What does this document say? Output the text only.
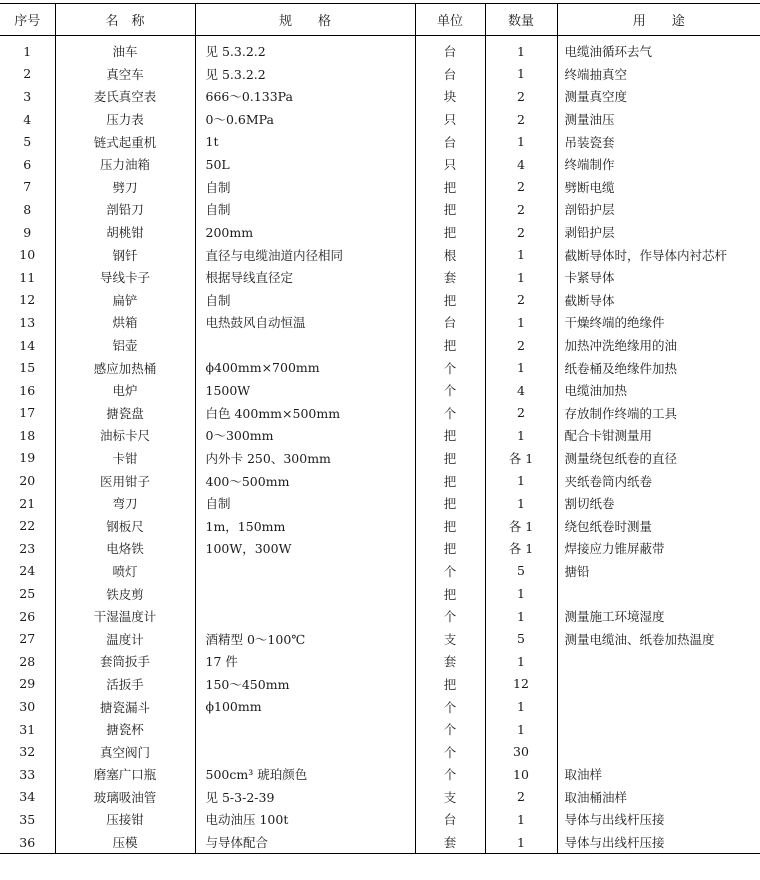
序号	名　称	规　　格	单位	数量	用　　途
1	油车	见 5.3.2.2	台	1	电缆油循环去气
2	真空车	见 5.3.2.2	台	1	终端抽真空
3	麦氏真空表	666～0.133Pa	块	2	测量真空度
4	压力表	0～0.6MPa	只	2	测量油压
5	链式起重机	1t	台	1	吊装瓷套
6	压力油箱	50L	只	4	终端制作
7	劈刀	自制	把	2	劈断电缆
8	剖铅刀	自制	把	2	剖铅护层
9	胡桃钳	200mm	把	2	剥铅护层
10	钢钎	直径与电缆油道内径相同	根	1	截断导体时，作导体内衬芯杆
11	导线卡子	根据导线直径定	套	1	卡紧导体
12	扁铲	自制	把	2	截断导体
13	烘箱	电热鼓风自动恒温	台	1	干燥终端的绝缘件
14	铝壶		把	2	加热冲洗绝缘用的油
15	感应加热桶	ϕ400mm×700mm	个	1	纸卷桶及绝缘件加热
16	电炉	1500W	个	4	电缆油加热
17	搪瓷盘	白色 400mm×500mm	个	2	存放制作终端的工具
18	油标卡尺	0～300mm	把	1	配合卡钳测量用
19	卡钳	内外卡 250、300mm	把	各 1	测量绕包纸卷的直径
20	医用钳子	400～500mm	把	1	夹纸卷筒内纸卷
21	弯刀	自制	把	1	割切纸卷
22	钢板尺	1m，150mm	把	各 1	绕包纸卷时测量
23	电烙铁	100W，300W	把	各 1	焊接应力锥屏蔽带
24	喷灯		个	5	搪铅
25	铁皮剪		把	1	
26	干湿温度计		个	1	测量施工环境湿度
27	温度计	酒精型 0～100℃	支	5	测量电缆油、纸卷加热温度
28	套筒扳手	17 件	套	1	
29	活扳手	150～450mm	把	12	
30	搪瓷漏斗	ϕ100mm	个	1	
31	搪瓷杯		个	1	
32	真空阀门		个	30	
33	磨塞广口瓶	500cm³ 琥珀颜色	个	10	取油样
34	玻璃吸油管	见 5-3-2-39	支	2	取油桶油样
35	压接钳	电动油压 100t	台	1	导体与出线杆压接
36	压模	与导体配合	套	1	导体与出线杆压接
